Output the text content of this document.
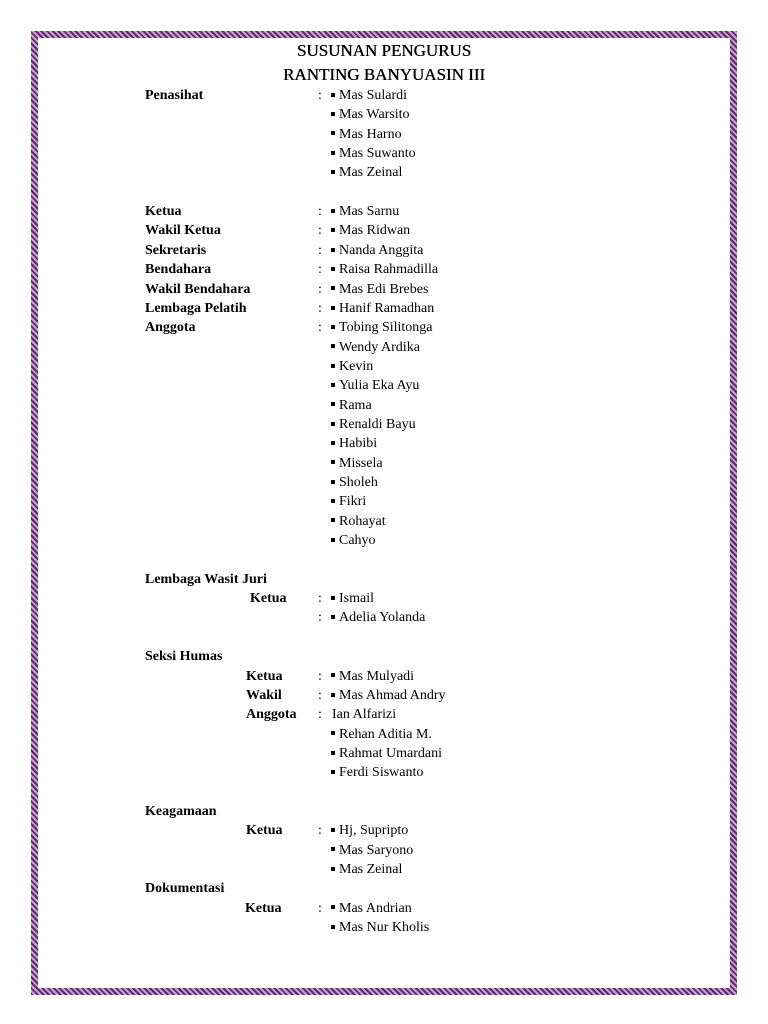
SUSUNAN PENGURUS
RANTING BANYUASIN III
Penasihat	:	Mas Sulardi
Mas Warsito
Mas Harno
Mas Suwanto
Mas Zeinal
Ketua	:	Mas Sarnu
Wakil Ketua	:	Mas Ridwan
Sekretaris	:	Nanda Anggita
Bendahara	:	Raisa Rahmadilla
Wakil Bendahara	:	Mas Edi Brebes
Lembaga Pelatih	:	Hanif Ramadhan
Anggota	:	Tobing Silitonga
Wendy Ardika
Kevin
Yulia Eka Ayu
Rama
Renaldi Bayu
Habibi
Missela
Sholeh
Fikri
Rohayat
Cahyo
Lembaga Wasit Juri
Ketua :	Ismail
:	Adelia Yolanda
Seksi Humas
Ketua	:	Mas Mulyadi
Wakil	:	Mas Ahmad Andry
Anggota : Ian Alfarizi
Rehan Aditia M.
Rahmat Umardani
Ferdi Siswanto
Keagamaan
Ketua	:	Hj, Supripto
Mas Saryono
Mas Zeinal
Dokumentasi
Ketua	:	Mas Andrian
Mas Nur Kholis
